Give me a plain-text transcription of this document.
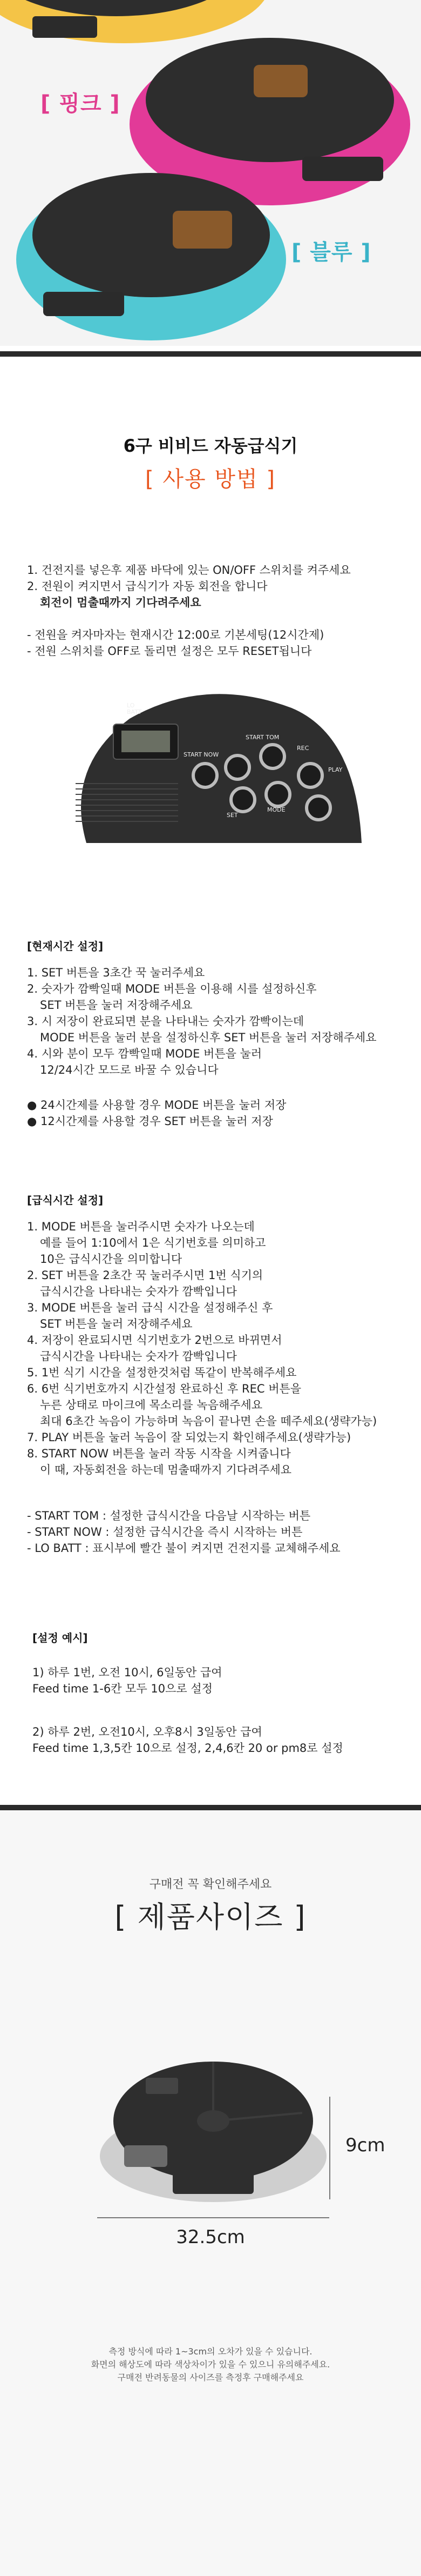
[ 핑크 ]
[ 블루 ]
6구 비비드 자동급식기
[ 사용 방법 ]
1. 건전지를 넣은후 제품 바닥에 있는 ON/OFF 스위치를 켜주세요
2. 전원이 켜지면서 급식기가 자동 회전을 합니다
회전이 멈출때까지 기다려주세요
- 전원을 켜자마자는 현재시간 12:00로 기본세팅(12시간제)
- 전원 스위치를 OFF로 돌리면 설정은 모두 RESET됩니다
LO BATT
START TOM
START NOW
REC
PLAY
SET
MODE
[현재시간 설정]
1. SET 버튼을 3초간 꾹 눌러주세요
2. 숫자가 깜빡일때 MODE 버튼을 이용해 시를 설정하신후
SET 버튼을 눌러 저장해주세요
3. 시 저장이 완료되면 분을 나타내는 숫자가 깜빡이는데
MODE 버튼을 눌러 분을 설정하신후 SET 버튼을 눌러 저장해주세요
4. 시와 분이 모두 깜빡일때 MODE 버튼을 눌러
12/24시간 모드로 바꿀 수 있습니다
● 24시간제를 사용할 경우 MODE 버튼을 눌러 저장
● 12시간제를 사용할 경우 SET 버튼을 눌러 저장
[급식시간 설정]
1. MODE 버튼을 눌러주시면 숫자가 나오는데
예를 들어 1:10에서 1은 식기번호를 의미하고
10은 급식시간을 의미합니다
2. SET 버튼을 2초간 꾹 눌러주시면 1번 식기의
급식시간을 나타내는 숫자가 깜빡입니다
3. MODE 버튼을 눌러 급식 시간을 설정해주신 후
SET 버튼을 눌러 저장해주세요
4. 저장이 완료되시면 식기번호가 2번으로 바뀌면서
급식시간을 나타내는 숫자가 깜빡입니다
5. 1번 식기 시간을 설정한것처럼 똑같이 반복해주세요
6. 6번 식기번호까지 시간설정 완료하신 후 REC 버튼을
누른 상태로 마이크에 목소리를 녹음해주세요
최대 6초간 녹음이 가능하며 녹음이 끝나면 손을 떼주세요(생략가능)
7. PLAY 버튼을 눌러 녹음이 잘 되었는지 확인해주세요(생략가능)
8. START NOW 버튼을 눌러 작동 시작을 시켜줍니다
이 때, 자동회전을 하는데 멈출때까지 기다려주세요
- START TOM : 설정한 급식시간을 다음날 시작하는 버튼
- START NOW : 설정한 급식시간을 즉시 시작하는 버튼
- LO BATT : 표시부에 빨간 불이 켜지면 건전지를 교체해주세요
[설정 예시]
1) 하루 1번, 오전 10시, 6일동안 급여
Feed time 1-6칸 모두 10으로 설정
2) 하루 2번, 오전10시, 오후8시 3일동안 급여
Feed time 1,3,5칸 10으로 설정, 2,4,6칸 20 or pm8로 설정
구매전 꼭 확인해주세요
[ 제품사이즈 ]
9cm
32.5cm
측정 방식에 따라 1~3cm의 오차가 있을 수 있습니다.
화면의 해상도에 따라 색상차이가 있을 수 있으니 유의해주세요.
구매전 반려동물의 사이즈를 측정후 구매해주세요
